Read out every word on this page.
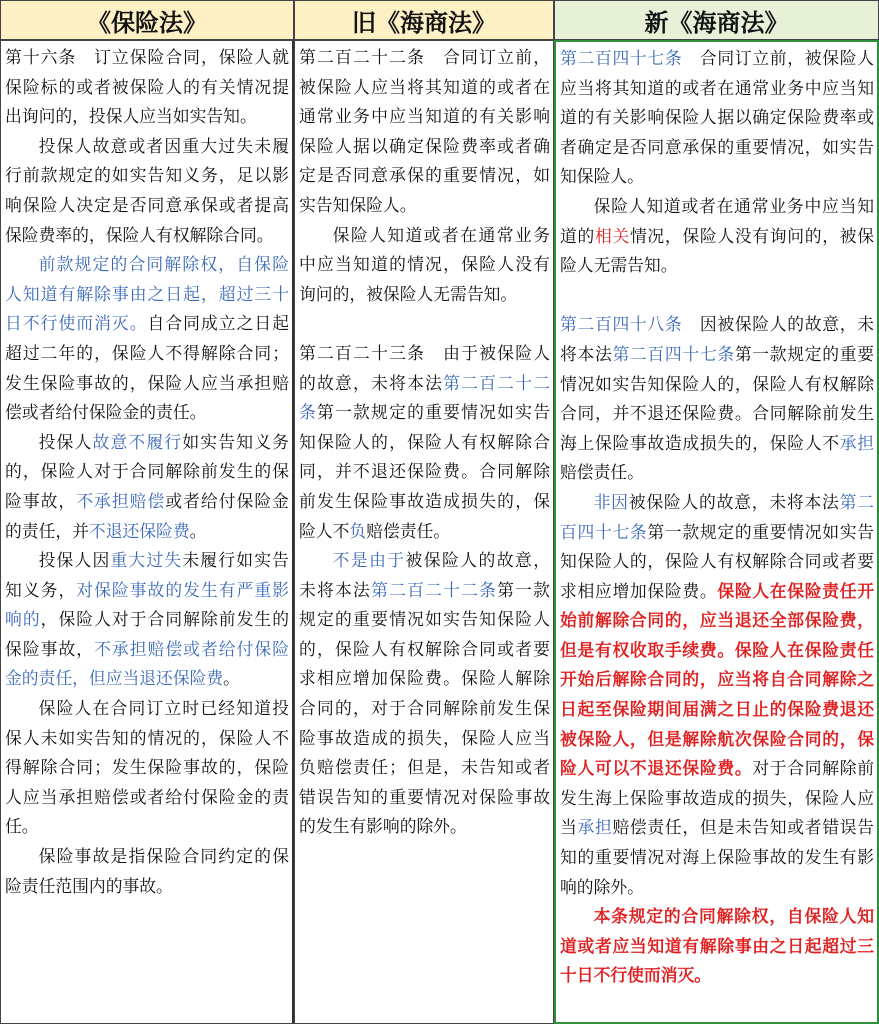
《保险法》	旧《海商法》	新《海商法》

第十六条　订立保险合同，保险人就保险标的或者被保险人的有关情况提出询问的，投保人应当如实告知。

投保人故意或者因重大过失未履行前款规定的如实告知义务，足以影响保险人决定是否同意承保或者提高保险费率的，保险人有权解除合同。

前款规定的合同解除权，自保险人知道有解除事由之日起，超过三十日不行使而消灭。自合同成立之日起超过二年的，保险人不得解除合同；发生保险事故的，保险人应当承担赔偿或者给付保险金的责任。

投保人故意不履行如实告知义务的，保险人对于合同解除前发生的保险事故，不承担赔偿或者给付保险金的责任，并不退还保险费。

投保人因重大过失未履行如实告知义务，对保险事故的发生有严重影响的，保险人对于合同解除前发生的保险事故，不承担赔偿或者给付保险金的责任，但应当退还保险费。

保险人在合同订立时已经知道投保人未如实告知的情况的，保险人不得解除合同；发生保险事故的，保险人应当承担赔偿或者给付保险金的责任。

保险事故是指保险合同约定的保险责任范围内的事故。

第二百二十二条　合同订立前，被保险人应当将其知道的或者在通常业务中应当知道的有关影响保险人据以确定保险费率或者确定是否同意承保的重要情况，如实告知保险人。

保险人知道或者在通常业务中应当知道的情况，保险人没有询问的，被保险人无需告知。

第二百二十三条　由于被保险人的故意，未将本法第二百二十二条第一款规定的重要情况如实告知保险人的，保险人有权解除合同，并不退还保险费。合同解除前发生保险事故造成损失的，保险人不负赔偿责任。

不是由于被保险人的故意，未将本法第二百二十二条第一款规定的重要情况如实告知保险人的，保险人有权解除合同或者要求相应增加保险费。保险人解除合同的，对于合同解除前发生保险事故造成的损失，保险人应当负赔偿责任；但是，未告知或者错误告知的重要情况对保险事故的发生有影响的除外。

第二百四十七条　合同订立前，被保险人应当将其知道的或者在通常业务中应当知道的有关影响保险人据以确定保险费率或者确定是否同意承保的重要情况，如实告知保险人。

保险人知道或者在通常业务中应当知道的相关情况，保险人没有询问的，被保险人无需告知。

第二百四十八条　因被保险人的故意，未将本法第二百四十七条第一款规定的重要情况如实告知保险人的，保险人有权解除合同，并不退还保险费。合同解除前发生海上保险事故造成损失的，保险人不承担赔偿责任。

非因被保险人的故意，未将本法第二百四十七条第一款规定的重要情况如实告知保险人的，保险人有权解除合同或者要求相应增加保险费。保险人在保险责任开始前解除合同的，应当退还全部保险费，但是有权收取手续费。保险人在保险责任开始后解除合同的，应当将自合同解除之日起至保险期间届满之日止的保险费退还被保险人，但是解除航次保险合同的，保险人可以不退还保险费。对于合同解除前发生海上保险事故造成的损失，保险人应当承担赔偿责任，但是未告知或者错误告知的重要情况对海上保险事故的发生有影响的除外。

本条规定的合同解除权，自保险人知道或者应当知道有解除事由之日起超过三十日不行使而消灭。
